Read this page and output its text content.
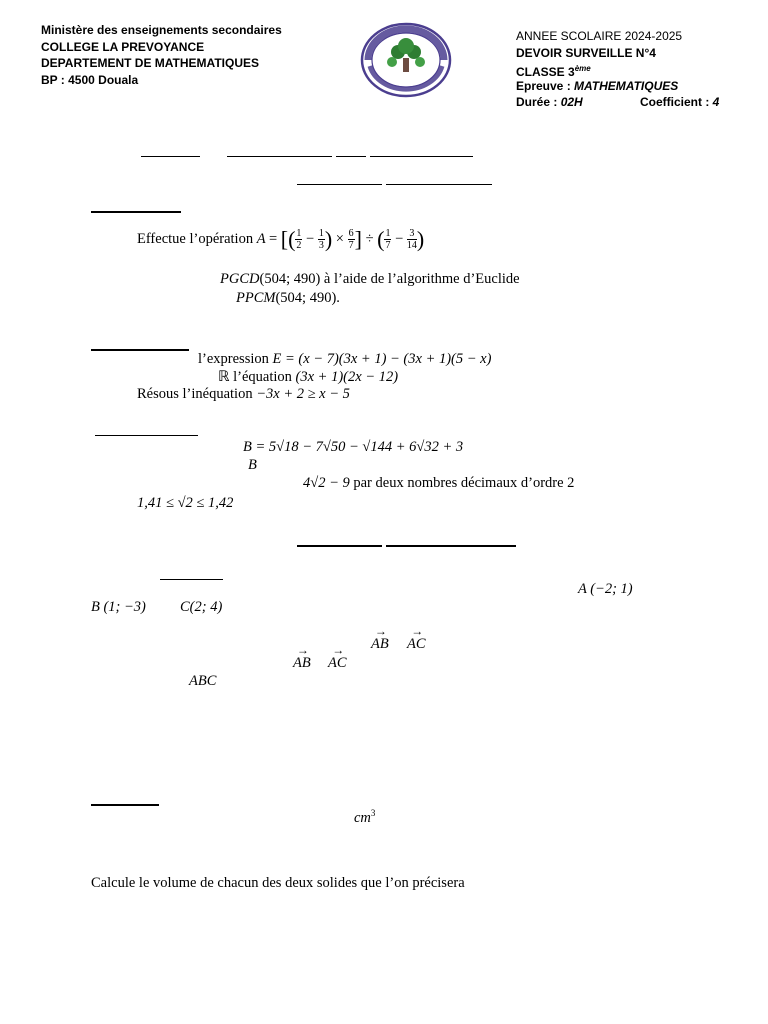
Ministère des enseignements secondaires
COLLEGE LA PREVOYANCE
DEPARTEMENT DE MATHEMATIQUES
BP : 4500 Douala
ANNEE SCOLAIRE 2024-2025
DEVOIR SURVEILLE N°4
CLASSE 3ème
Epreuve : MATHEMATIQUES
Durée : 02H	Coefficient : 4
Effectue l’opération A = [( $\frac{1}{2} - \frac{1}{3}$ ) × $\frac{6}{7}$ ] ÷ ( $\frac{1}{7} - \frac{3}{14}$ )
PGCD(504; 490) à l’aide de l’algorithme d’Euclide
PPCM(504; 490).
l’expression E = (x − 7)(3x + 1) − (3x + 1)(5 − x)
ℝ l’équation (3x + 1)(2x − 12)
Résous l’inéquation −3x + 2 ≥ x − 5
B = 5√18 − 7√50 − √144 + 6√32 + 3
B
4√2 − 9 par deux nombres décimaux d’ordre 2
1,41 ≤ √2 ≤ 1,42
A (−2; 1)
B (1; −3) C(2; 4)
→ AB → AC
→ AB → AC
ABC
$cm^3$
Calcule le volume de chacun des deux solides que l’on précisera
